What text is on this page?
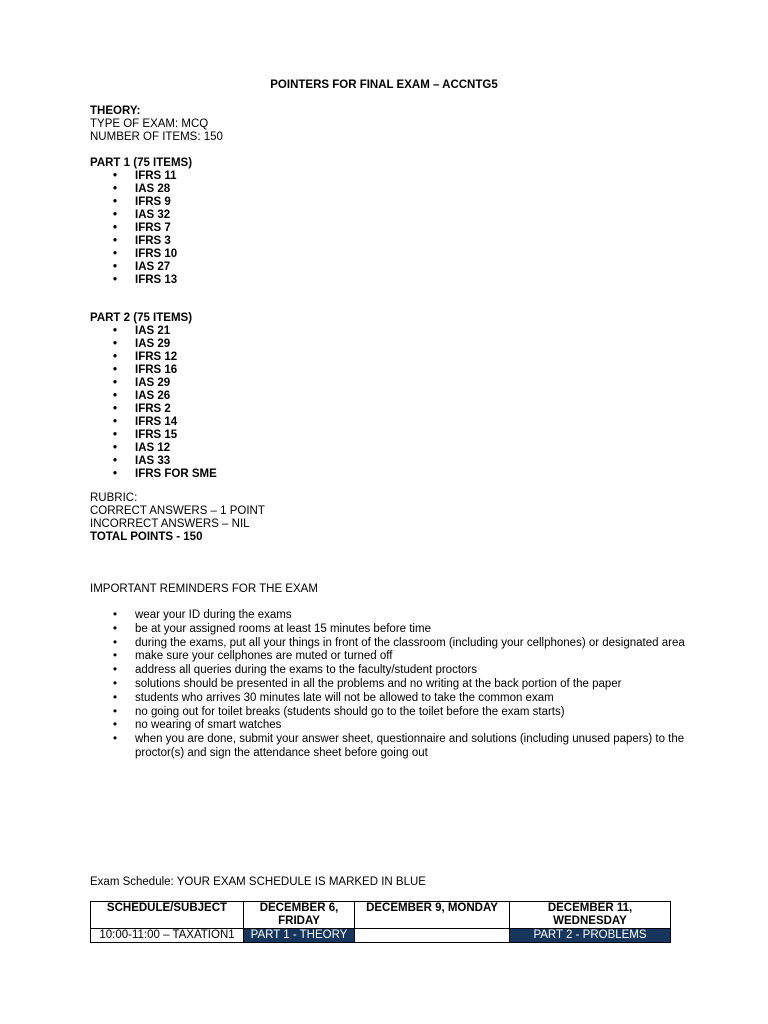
POINTERS FOR FINAL EXAM – ACCNTG5
THEORY:
TYPE OF EXAM: MCQ
NUMBER OF ITEMS: 150
PART 1 (75 ITEMS)
• IFRS 11
• IAS 28
• IFRS 9
• IAS 32
• IFRS 7
• IFRS 3
• IFRS 10
• IAS 27
• IFRS 13
PART 2 (75 ITEMS)
• IAS 21
• IAS 29
• IFRS 12
• IFRS 16
• IAS 29
• IAS 26
• IFRS 2
• IFRS 14
• IFRS 15
• IAS 12
• IAS 33
• IFRS FOR SME
RUBRIC:
CORRECT ANSWERS – 1 POINT
INCORRECT ANSWERS – NIL
TOTAL POINTS - 150
IMPORTANT REMINDERS FOR THE EXAM
• wear your ID during the exams
• be at your assigned rooms at least 15 minutes before time
• during the exams, put all your things in front of the classroom (including your cellphones) or designated area
• make sure your cellphones are muted or turned off
• address all queries during the exams to the faculty/student proctors
• solutions should be presented in all the problems and no writing at the back portion of the paper
• students who arrives 30 minutes late will not be allowed to take the common exam
• no going out for toilet breaks (students should go to the toilet before the exam starts)
• no wearing of smart watches
• when you are done, submit your answer sheet, questionnaire and solutions (including unused papers) to the proctor(s) and sign the attendance sheet before going out
Exam Schedule: YOUR EXAM SCHEDULE IS MARKED IN BLUE
SCHEDULE/SUBJECT	DECEMBER 6, FRIDAY	DECEMBER 9, MONDAY	DECEMBER 11, WEDNESDAY
10:00-11:00 – TAXATION1	PART 1 - THEORY		PART 2 - PROBLEMS
